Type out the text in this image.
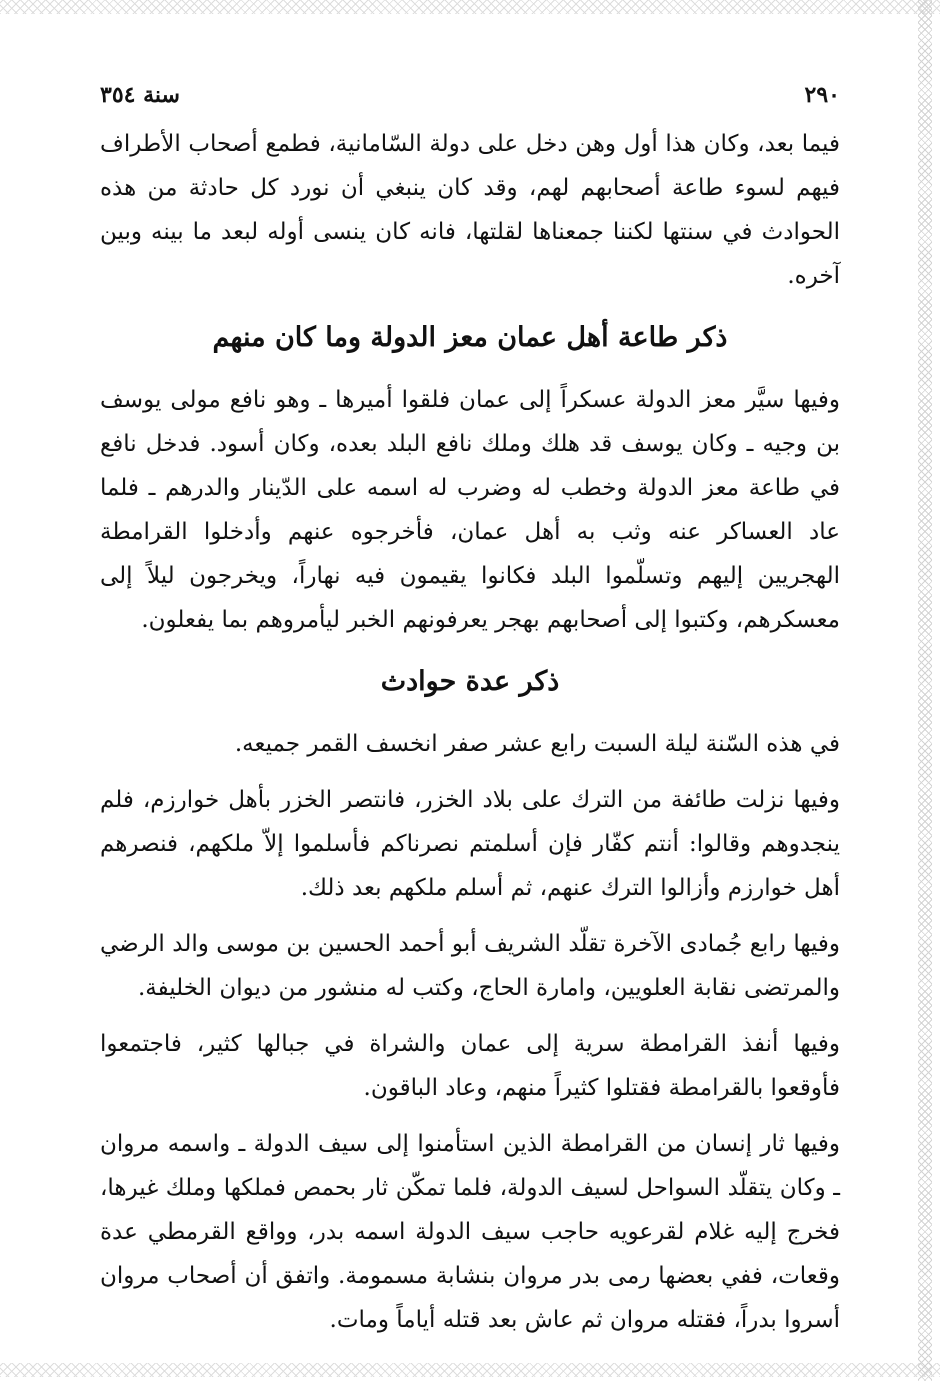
٢٩٠
سنة ٣٥٤

فيما بعد، وكان هذا أول وهن دخل على دولة السّامانية، فطمع أصحاب الأطراف فيهم لسوء طاعة أصحابهم لهم، وقد كان ينبغي أن نورد كل حادثة من هذه الحوادث في سنتها لكننا جمعناها لقلتها، فانه كان ينسى أوله لبعد ما بينه وبين آخره.

ذكر طاعة أهل عمان معز الدولة وما كان منهم

وفيها سيَّر معز الدولة عسكراً إلى عمان فلقوا أميرها ـ وهو نافع مولى يوسف بن وجيه ـ وكان يوسف قد هلك وملك نافع البلد بعده، وكان أسود. فدخل نافع في طاعة معز الدولة وخطب له وضرب له اسمه على الدّينار والدرهم ـ فلما عاد العساكر عنه وثب به أهل عمان، فأخرجوه عنهم وأدخلوا القرامطة الهجريين إليهم وتسلّموا البلد فكانوا يقيمون فيه نهاراً، ويخرجون ليلاً إلى معسكرهم، وكتبوا إلى أصحابهم بهجر يعرفونهم الخبر ليأمروهم بما يفعلون.

ذكر عدة حوادث

في هذه السّنة ليلة السبت رابع عشر صفر انخسف القمر جميعه.

وفيها نزلت طائفة من الترك على بلاد الخزر، فانتصر الخزر بأهل خوارزم، فلم ينجدوهم وقالوا: أنتم كفّار فإن أسلمتم نصرناكم فأسلموا إلاّ ملكهم، فنصرهم أهل خوارزم وأزالوا الترك عنهم، ثم أسلم ملكهم بعد ذلك.

وفيها رابع جُمادى الآخرة تقلّد الشريف أبو أحمد الحسين بن موسى والد الرضي والمرتضى نقابة العلويين، وامارة الحاج، وكتب له منشور من ديوان الخليفة.

وفيها أنفذ القرامطة سرية إلى عمان والشراة في جبالها كثير، فاجتمعوا فأوقعوا بالقرامطة فقتلوا كثيراً منهم، وعاد الباقون.

وفيها ثار إنسان من القرامطة الذين استأمنوا إلى سيف الدولة ـ واسمه مروان ـ وكان يتقلّد السواحل لسيف الدولة، فلما تمكّن ثار بحمص فملكها وملك غيرها، فخرج إليه غلام لقرعويه حاجب سيف الدولة اسمه بدر، وواقع القرمطي عدة وقعات، ففي بعضها رمى بدر مروان بنشابة مسمومة. واتفق أن أصحاب مروان أسروا بدراً، فقتله مروان ثم عاش بعد قتله أياماً ومات.
